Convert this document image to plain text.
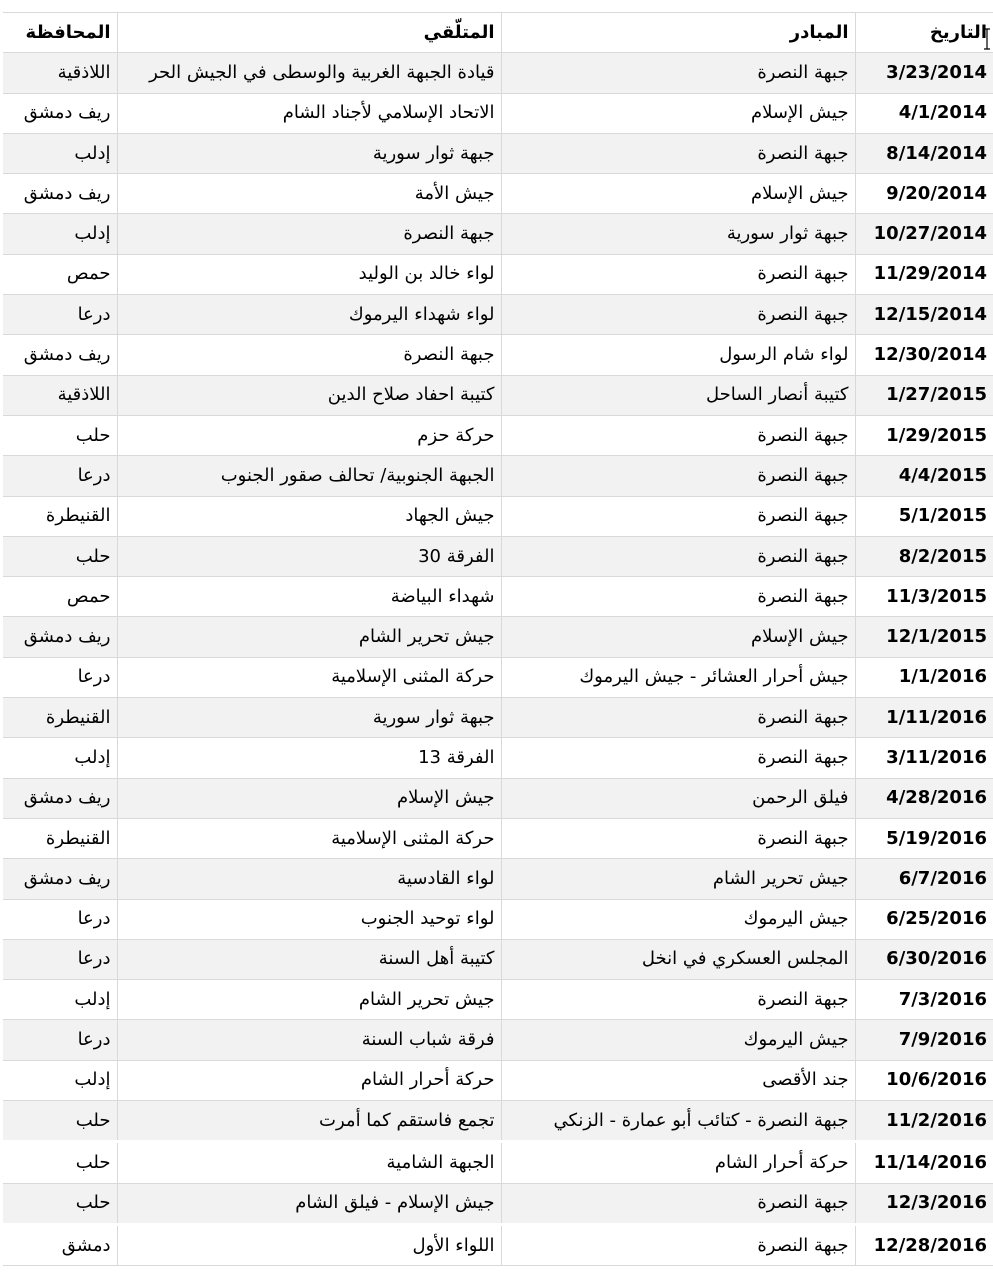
التاريخ	المبادر	المتلّقي	المحافظة
3/23/2014	جبهة النصرة	قيادة الجبهة الغربية والوسطى في الجيش الحر	اللاذقية
4/1/2014	جيش الإسلام	الاتحاد الإسلامي لأجناد الشام	ريف دمشق
8/14/2014	جبهة النصرة	جبهة ثوار سورية	إدلب
9/20/2014	جيش الإسلام	جيش الأمة	ريف دمشق
10/27/2014	جبهة ثوار سورية	جبهة النصرة	إدلب
11/29/2014	جبهة النصرة	لواء خالد بن الوليد	حمص
12/15/2014	جبهة النصرة	لواء شهداء اليرموك	درعا
12/30/2014	لواء شام الرسول	جبهة النصرة	ريف دمشق
1/27/2015	كتيبة أنصار الساحل	كتيبة احفاد صلاح الدين	اللاذقية
1/29/2015	جبهة النصرة	حركة حزم	حلب
4/4/2015	جبهة النصرة	الجبهة الجنوبية/ تحالف صقور الجنوب	درعا
5/1/2015	جبهة النصرة	جيش الجهاد	القنيطرة
8/2/2015	جبهة النصرة	الفرقة 30	حلب
11/3/2015	جبهة النصرة	شهداء البياضة	حمص
12/1/2015	جيش الإسلام	جيش تحرير الشام	ريف دمشق
1/1/2016	جيش أحرار العشائر - جيش اليرموك	حركة المثنى الإسلامية	درعا
1/11/2016	جبهة النصرة	جبهة ثوار سورية	القنيطرة
3/11/2016	جبهة النصرة	الفرقة 13	إدلب
4/28/2016	فيلق الرحمن	جيش الإسلام	ريف دمشق
5/19/2016	جبهة النصرة	حركة المثنى الإسلامية	القنيطرة
6/7/2016	جيش تحرير الشام	لواء القادسية	ريف دمشق
6/25/2016	جيش اليرموك	لواء توحيد الجنوب	درعا
6/30/2016	المجلس العسكري في انخل	كتيبة أهل السنة	درعا
7/3/2016	جبهة النصرة	جيش تحرير الشام	إدلب
7/9/2016	جيش اليرموك	فرقة شباب السنة	درعا
10/6/2016	جند الأقصى	حركة أحرار الشام	إدلب
11/2/2016	جبهة النصرة - كتائب أبو عمارة - الزنكي	تجمع فاستقم كما أمرت	حلب
11/14/2016	حركة أحرار الشام	الجبهة الشامية	حلب
12/3/2016	جبهة النصرة	جيش الإسلام - فيلق الشام	حلب
12/28/2016	جبهة النصرة	اللواء الأول	دمشق
